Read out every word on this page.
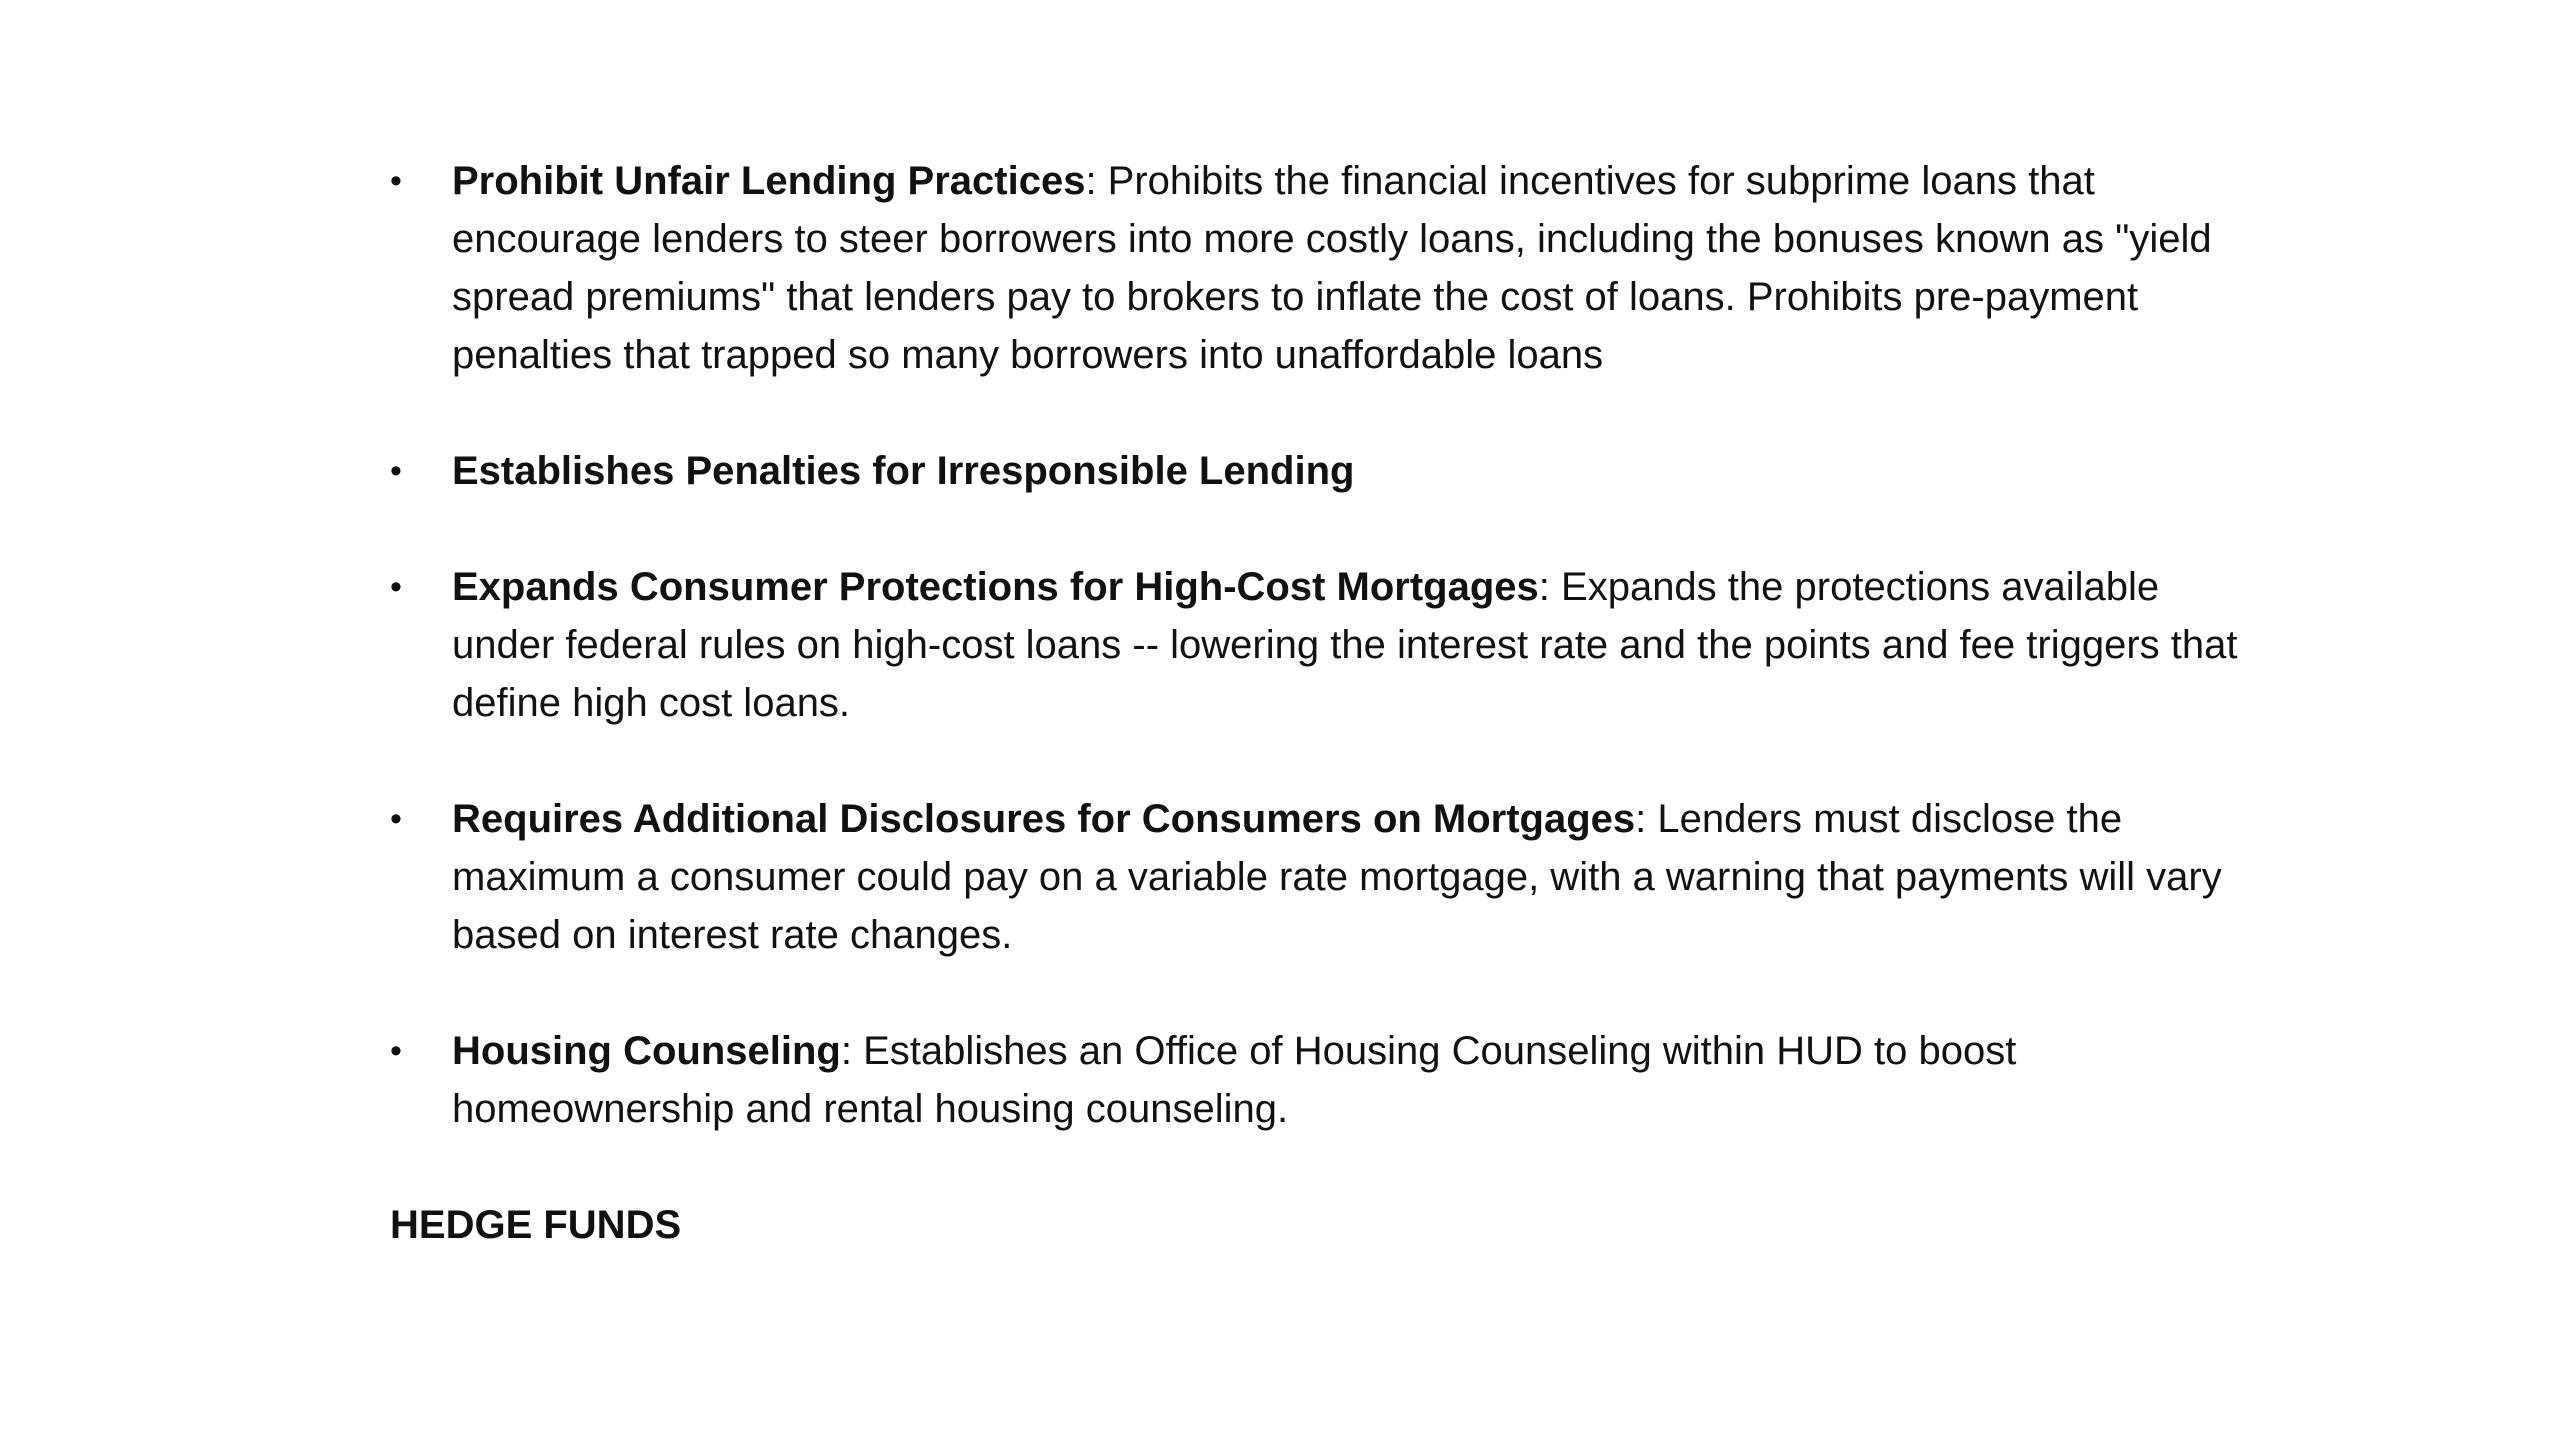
•	Prohibit Unfair Lending Practices: Prohibits the financial incentives for subprime loans that encourage lenders to steer borrowers into more costly loans, including the bonuses known as "yield spread premiums" that lenders pay to brokers to inflate the cost of loans. Prohibits pre-payment penalties that trapped so many borrowers into unaffordable loans
•	Establishes Penalties for Irresponsible Lending
•	Expands Consumer Protections for High-Cost Mortgages: Expands the protections available under federal rules on high-cost loans -- lowering the interest rate and the points and fee triggers that define high cost loans.
•	Requires Additional Disclosures for Consumers on Mortgages: Lenders must disclose the maximum a consumer could pay on a variable rate mortgage, with a warning that payments will vary based on interest rate changes.
•	Housing Counseling: Establishes an Office of Housing Counseling within HUD to boost homeownership and rental housing counseling.
HEDGE FUNDS
